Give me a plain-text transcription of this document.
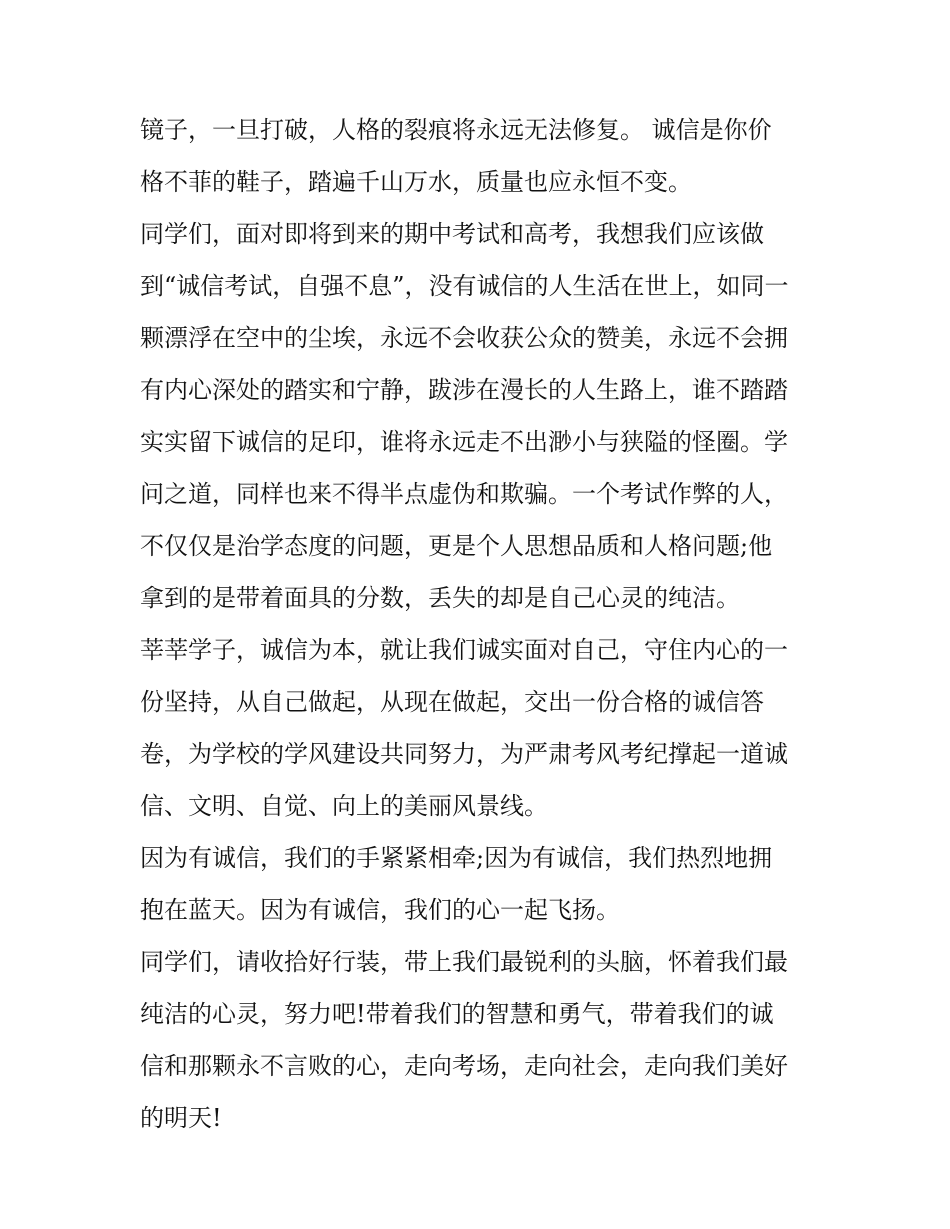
镜子，一旦打破，人格的裂痕将永远无法修复。 诚信是你价
格不菲的鞋子，踏遍千山万水，质量也应永恒不变。
同学们，面对即将到来的期中考试和高考，我想我们应该做
到“诚信考试，自强不息”，没有诚信的人生活在世上，如同一
颗漂浮在空中的尘埃，永远不会收获公众的赞美，永远不会拥
有内心深处的踏实和宁静，跋涉在漫长的人生路上，谁不踏踏
实实留下诚信的足印，谁将永远走不出渺小与狭隘的怪圈。学
问之道，同样也来不得半点虚伪和欺骗。一个考试作弊的人，
不仅仅是治学态度的问题，更是个人思想品质和人格问题;他
拿到的是带着面具的分数，丢失的却是自己心灵的纯洁。
莘莘学子，诚信为本，就让我们诚实面对自己，守住内心的一
份坚持，从自己做起，从现在做起，交出一份合格的诚信答
卷，为学校的学风建设共同努力，为严肃考风考纪撑起一道诚
信、文明、自觉、向上的美丽风景线。
因为有诚信，我们的手紧紧相牵;因为有诚信，我们热烈地拥
抱在蓝天。因为有诚信，我们的心一起飞扬。
同学们，请收拾好行装，带上我们最锐利的头脑，怀着我们最
纯洁的心灵，努力吧!带着我们的智慧和勇气，带着我们的诚
信和那颗永不言败的心，走向考场，走向社会，走向我们美好
的明天!
